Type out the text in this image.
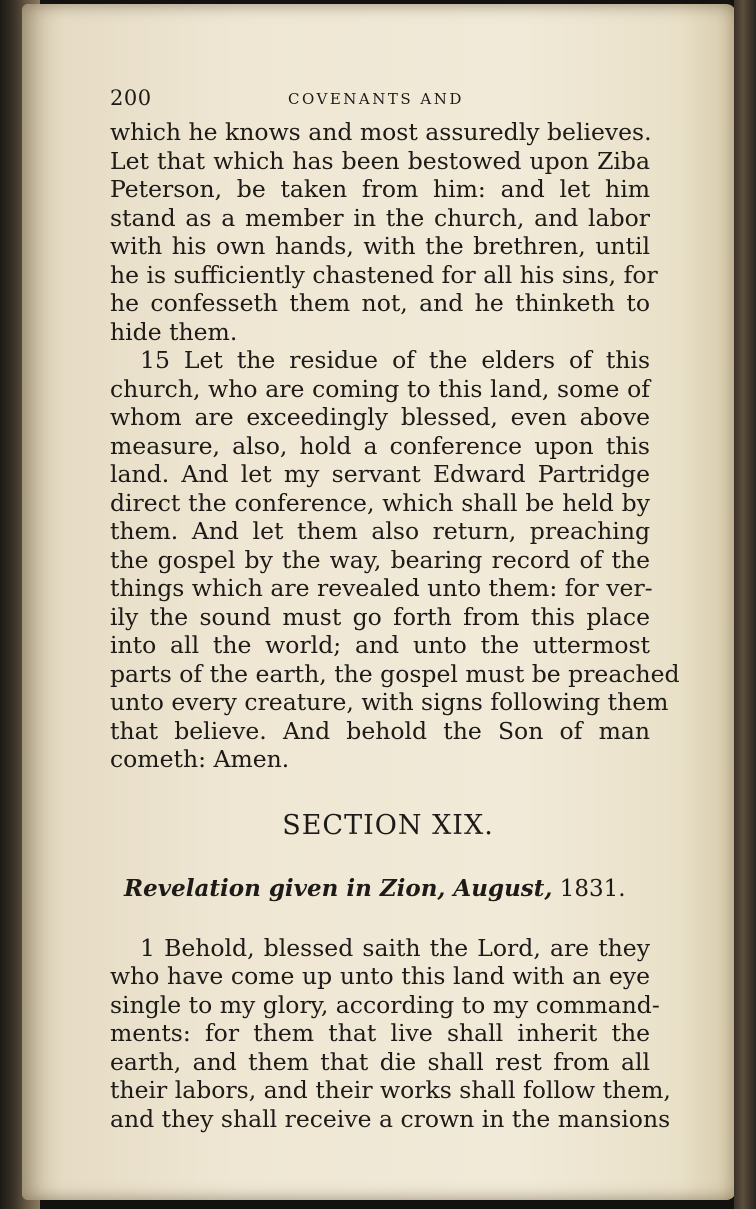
200	COVENANTS AND
which he knows and most assuredly believes.
Let that which has been bestowed upon Ziba
Peterson, be taken from him: and let him
stand as a member in the church, and labor
with his own hands, with the brethren, until
he is sufficiently chastened for all his sins, for
he confesseth them not, and he thinketh to
hide them.
15 Let the residue of the elders of this
church, who are coming to this land, some of
whom are exceedingly blessed, even above
measure, also, hold a conference upon this
land. And let my servant Edward Partridge
direct the conference, which shall be held by
them. And let them also return, preaching
the gospel by the way, bearing record of the
things which are revealed unto them: for ver-
ily the sound must go forth from this place
into all the world; and unto the uttermost
parts of the earth, the gospel must be preached
unto every creature, with signs following them
that believe. And behold the Son of man
cometh: Amen.
SECTION XIX.
Revelation given in Zion, August, 1831.
1 Behold, blessed saith the Lord, are they
who have come up unto this land with an eye
single to my glory, according to my command-
ments: for them that live shall inherit the
earth, and them that die shall rest from all
their labors, and their works shall follow them,
and they shall receive a crown in the mansions
